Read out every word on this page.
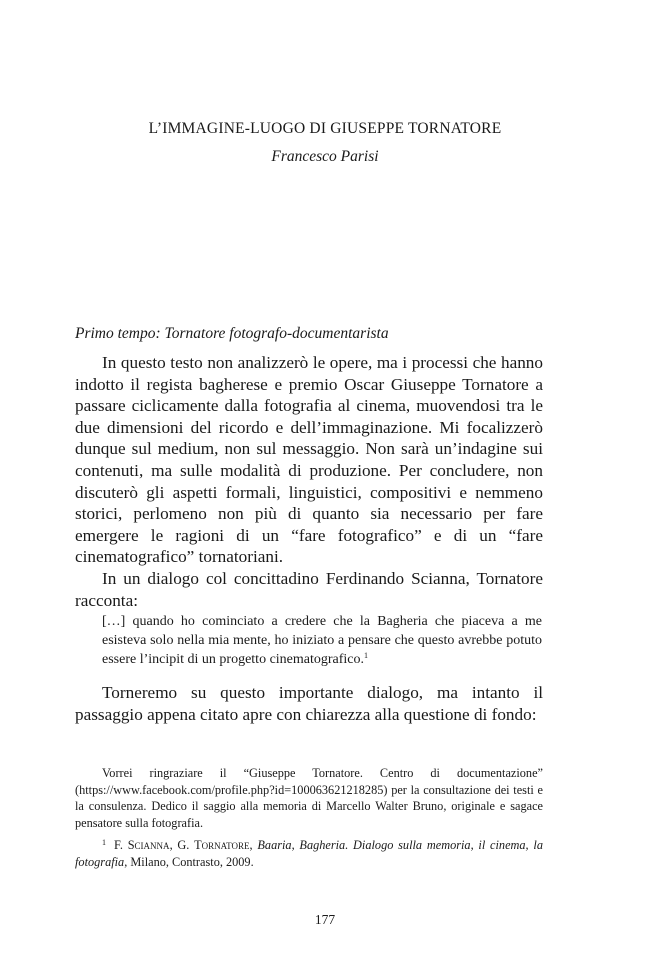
L’IMMAGINE-LUOGO DI GIUSEPPE TORNATORE
Francesco Parisi
Primo tempo: Tornatore fotografo-documentarista

In questo testo non analizzerò le opere, ma i processi che hanno indotto il regista bagherese e premio Oscar Giuseppe Tornatore a passare ciclicamente dalla fotografia al cinema, muovendosi tra le due dimensioni del ricordo e dell’immaginazione. Mi focalizzerò dunque sul medium, non sul messaggio. Non sarà un’indagine sui contenuti, ma sulle modalità di produzione. Per concludere, non discuterò gli aspetti formali, linguistici, compositivi e nemmeno storici, perlomeno non più di quanto sia necessario per fare emergere le ragioni di un “fare fotografico” e di un “fare cinematografico” tornatoriani.

In un dialogo col concittadino Ferdinando Scianna, Tornatore racconta:

[…] quando ho cominciato a credere che la Bagheria che piaceva a me esisteva solo nella mia mente, ho iniziato a pensare che questo avrebbe potuto essere l’incipit di un progetto cinematografico.$^1$

Torneremo su questo importante dialogo, ma intanto il passaggio appena citato apre con chiarezza alla questione di fondo:

Vorrei ringraziare il “Giuseppe Tornatore. Centro di documentazione” (https://www.facebook.com/profile.php?id=100063621218285) per la consultazione dei testi e la consulenza. Dedico il saggio alla memoria di Marcello Walter Bruno, originale e sagace pensatore sulla fotografia.

$^1$ F. Scianna, G. Tornatore, Baaria, Bagheria. Dialogo sulla memoria, il cinema, la fotografia, Milano, Contrasto, 2009.

177
